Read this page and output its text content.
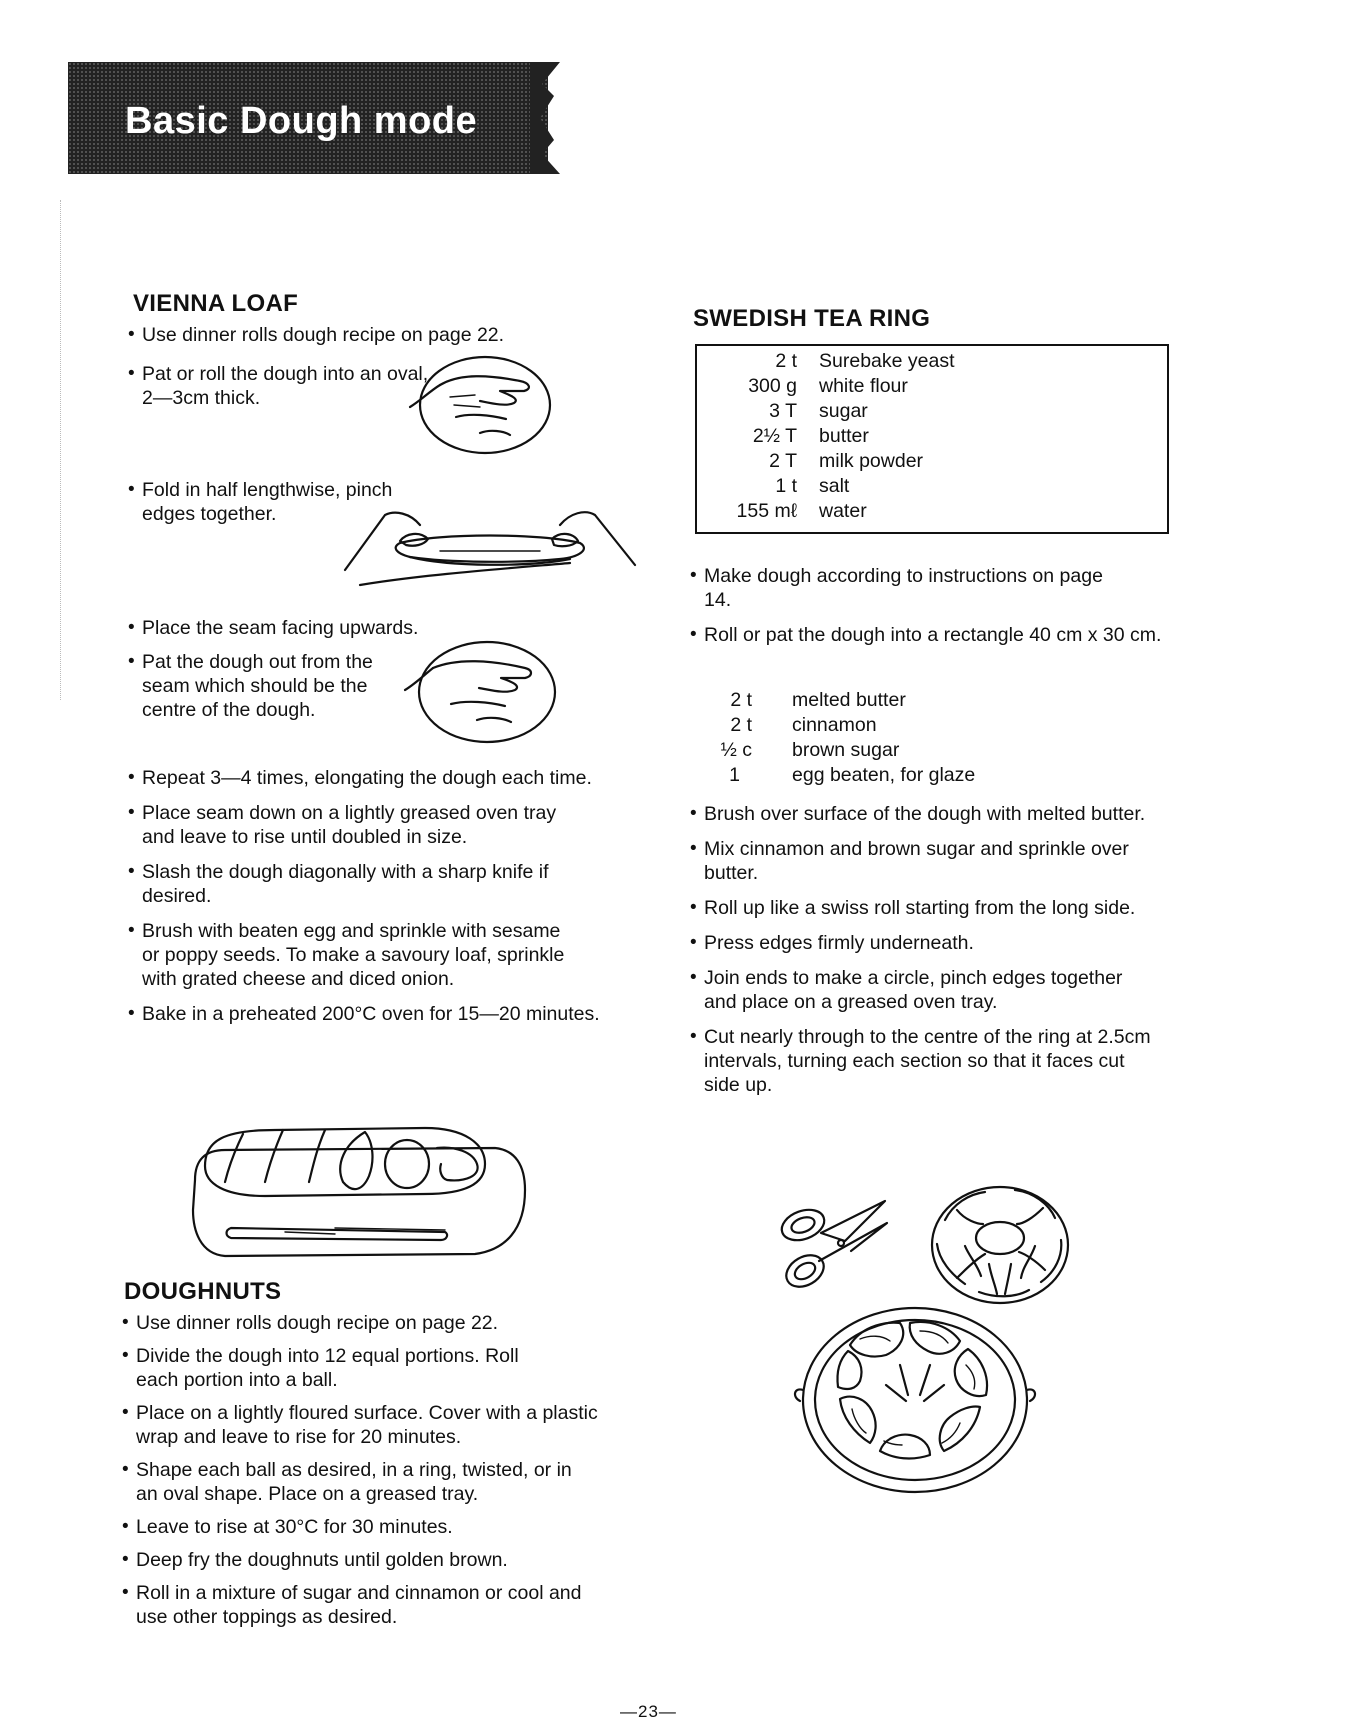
Basic Dough mode
VIENNA LOAF
• Use dinner rolls dough recipe on page 22.
• Pat or roll the dough into an oval, 2—3cm thick.
• Fold in half lengthwise, pinch edges together.
• Place the seam facing upwards.
• Pat the dough out from the seam which should be the centre of the dough.
• Repeat 3—4 times, elongating the dough each time.
• Place seam down on a lightly greased oven tray and leave to rise until doubled in size.
• Slash the dough diagonally with a sharp knife if desired.
• Brush with beaten egg and sprinkle with sesame or poppy seeds. To make a savoury loaf, sprinkle with grated cheese and diced onion.
• Bake in a preheated 200°C oven for 15—20 minutes.
DOUGHNUTS
• Use dinner rolls dough recipe on page 22.
• Divide the dough into 12 equal portions. Roll each portion into a ball.
• Place on a lightly floured surface. Cover with a plastic wrap and leave to rise for 20 minutes.
• Shape each ball as desired, in a ring, twisted, or in an oval shape. Place on a greased tray.
• Leave to rise at 30°C for 30 minutes.
• Deep fry the doughnuts until golden brown.
• Roll in a mixture of sugar and cinnamon or cool and use other toppings as desired.
SWEDISH TEA RING
2 t Surebake yeast
300 g white flour
3 T sugar
2½ T butter
2 T milk powder
1 t salt
155 mℓ water
• Make dough according to instructions on page 14.
• Roll or pat the dough into a rectangle 40 cm x 30 cm.
2 t melted butter
2 t cinnamon
½ c brown sugar
1	egg beaten, for glaze
• Brush over surface of the dough with melted butter.
• Mix cinnamon and brown sugar and sprinkle over butter.
• Roll up like a swiss roll starting from the long side.
• Press edges firmly underneath.
• Join ends to make a circle, pinch edges together and place on a greased oven tray.
• Cut nearly through to the centre of the ring at 2.5cm intervals, turning each section so that it faces cut side up.
—23—
